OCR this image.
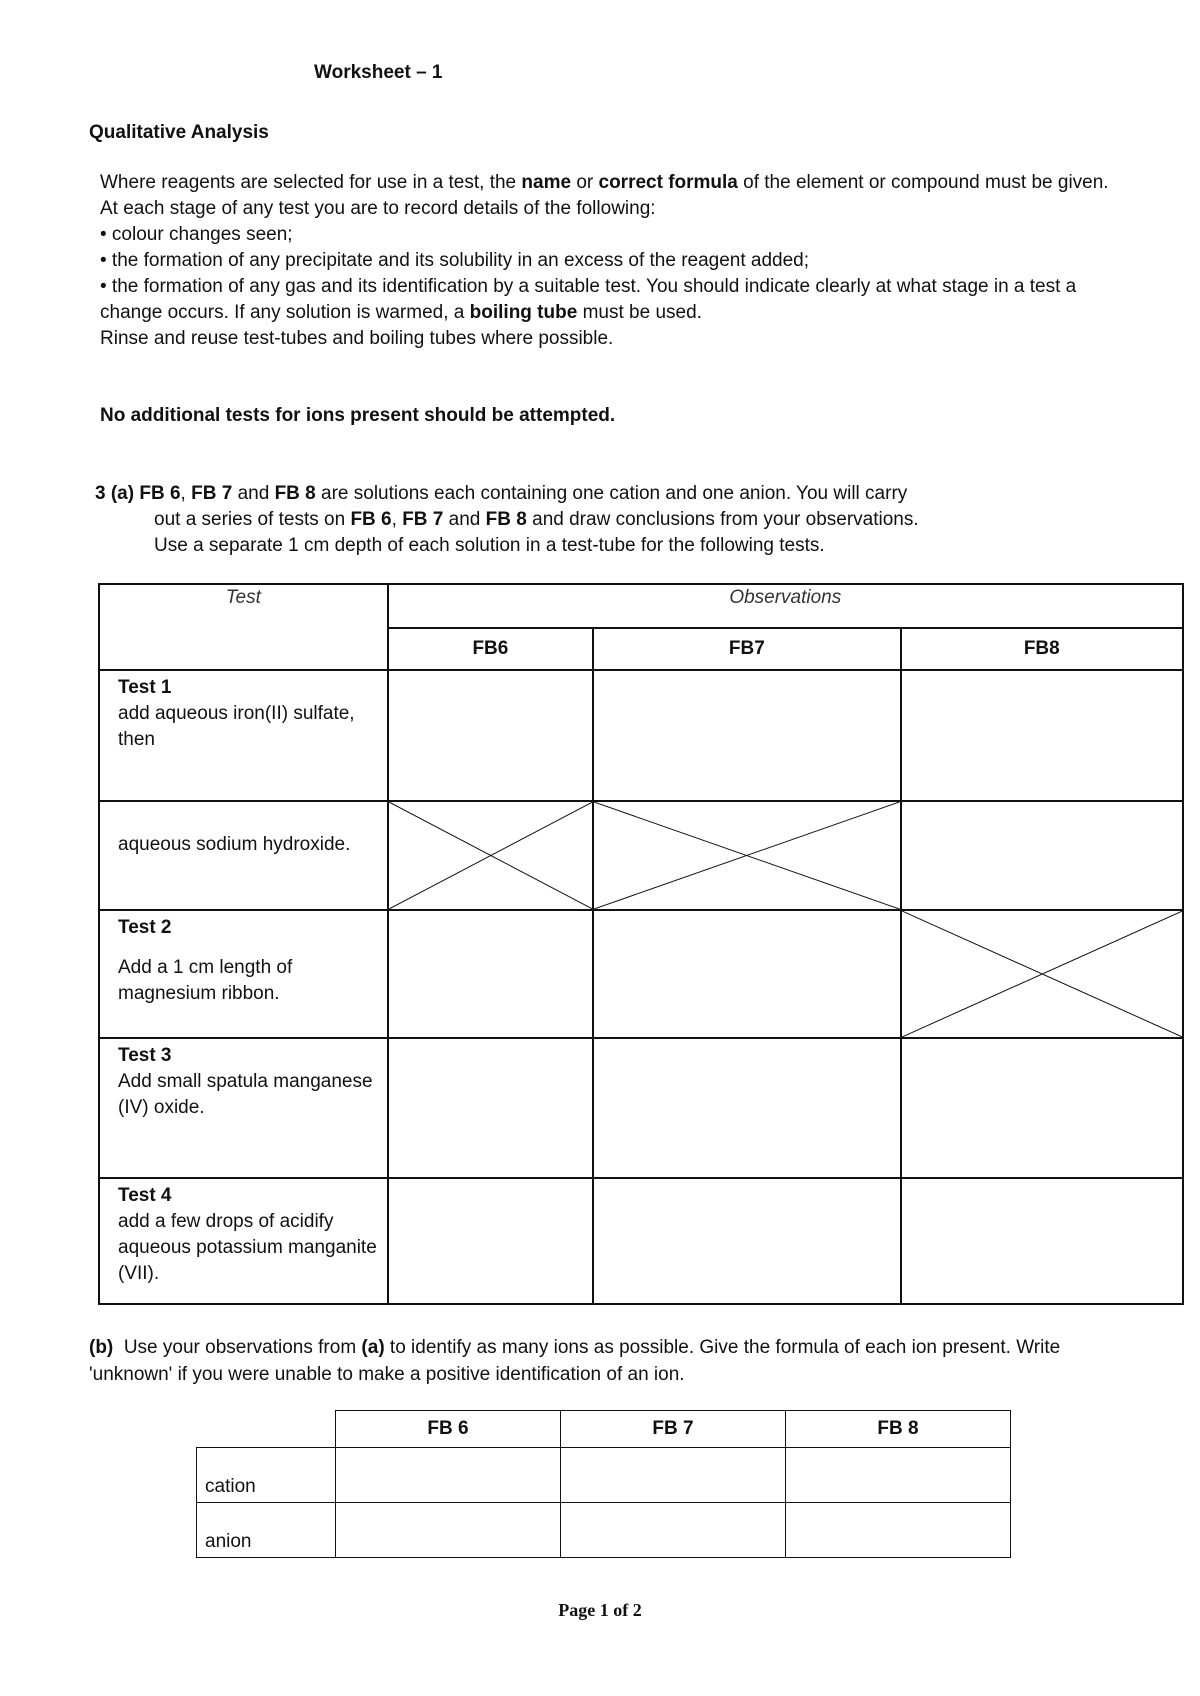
Worksheet – 1
Qualitative Analysis

Where reagents are selected for use in a test, the name or correct formula of the element or compound must be given.

At each stage of any test you are to record details of the following:

• colour changes seen;

• the formation of any precipitate and its solubility in an excess of the reagent added;

• the formation of any gas and its identification by a suitable test. You should indicate clearly at what stage in a test a change occurs. If any solution is warmed, a boiling tube must be used.

Rinse and reuse test-tubes and boiling tubes where possible.

No additional tests for ions present should be attempted.
3 (a) FB 6, FB 7 and FB 8 are solutions each containing one cation and one anion. You will carry
out a series of tests on FB 6, FB 7 and FB 8 and draw conclusions from your observations.
Use a separate 1 cm depth of each solution in a test-tube for the following tests.
Test	Observations		
	FB6	FB7	FB8

Test 1
add aqueous iron(II) sulfate, then			

aqueous sodium hydroxide.	

Test 2
Add a 1 cm length of magnesium ribbon.			

Test 3
Add small spatula manganese (IV) oxide.			

Test 4
add a few drops of acidify aqueous potassium manganite (VII).			
(b) Use your observations from (a) to identify as many ions as possible. Give the formula of each ion present. Write 'unknown' if you were unable to make a positive identification of an ion.
	FB 6	FB 7	FB 8
cation			
anion			
Page 1 of 2
